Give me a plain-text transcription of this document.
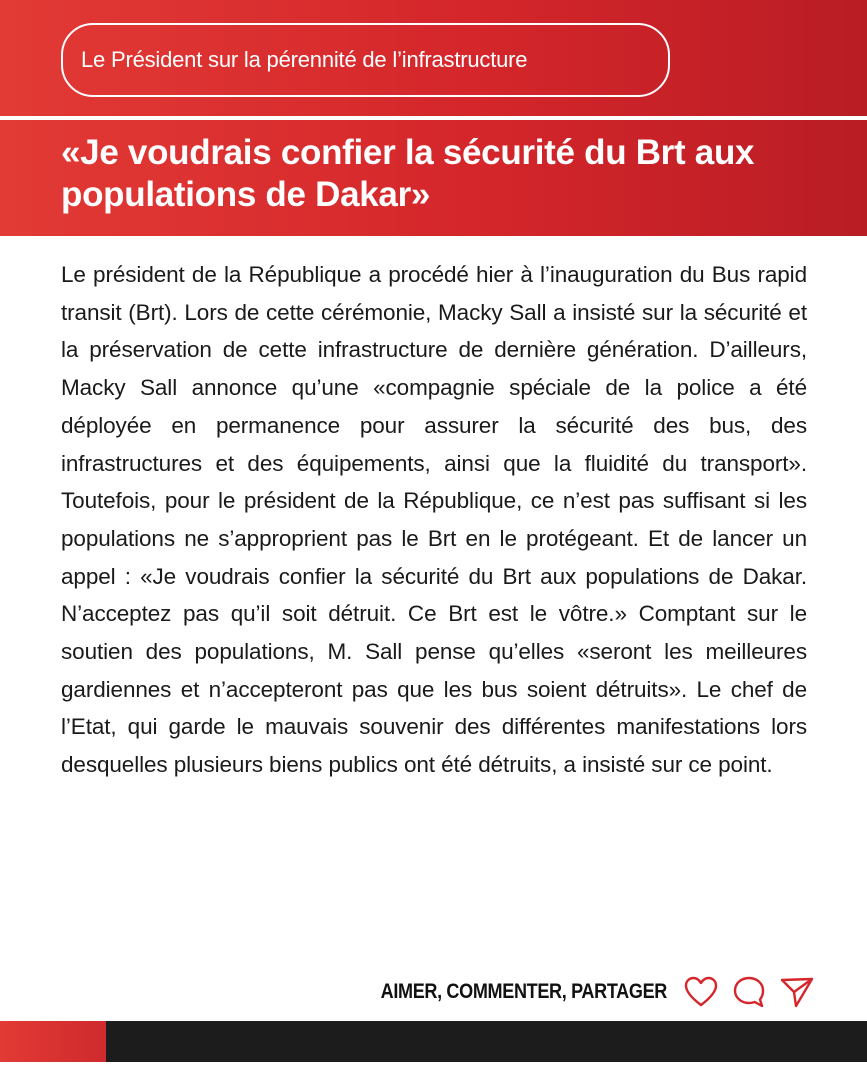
Le Président sur la pérennité de l’infrastructure
«Je voudrais confier la sécurité du Brt aux populations de Dakar»

Le président de la République a procédé hier à l’inauguration du Bus rapid transit (Brt). Lors de cette cérémonie, Macky Sall a insisté sur la sécurité et la préservation de cette infrastructure de dernière génération. D’ailleurs, Macky Sall annonce qu’une «compagnie spéciale de la police a été déployée en permanence pour assurer la sécurité des bus, des infrastructures et des équipements, ainsi que la fluidité du transport». Toutefois, pour le président de la République, ce n’est pas suffisant si les populations ne s’approprient pas le Brt en le protégeant. Et de lancer un appel : «Je voudrais confier la sécurité du Brt aux populations de Dakar. N’acceptez pas qu’il soit détruit. Ce Brt est le vôtre.» Comptant sur le soutien des populations, M. Sall pense qu’elles «seront les meilleures gardiennes et n’accepteront pas que les bus soient détruits». Le chef de l’Etat, qui garde le mauvais souvenir des différentes manifestations lors desquelles plusieurs biens publics ont été détruits, a insisté sur ce point.

AIMER, COMMENTER, PARTAGER
